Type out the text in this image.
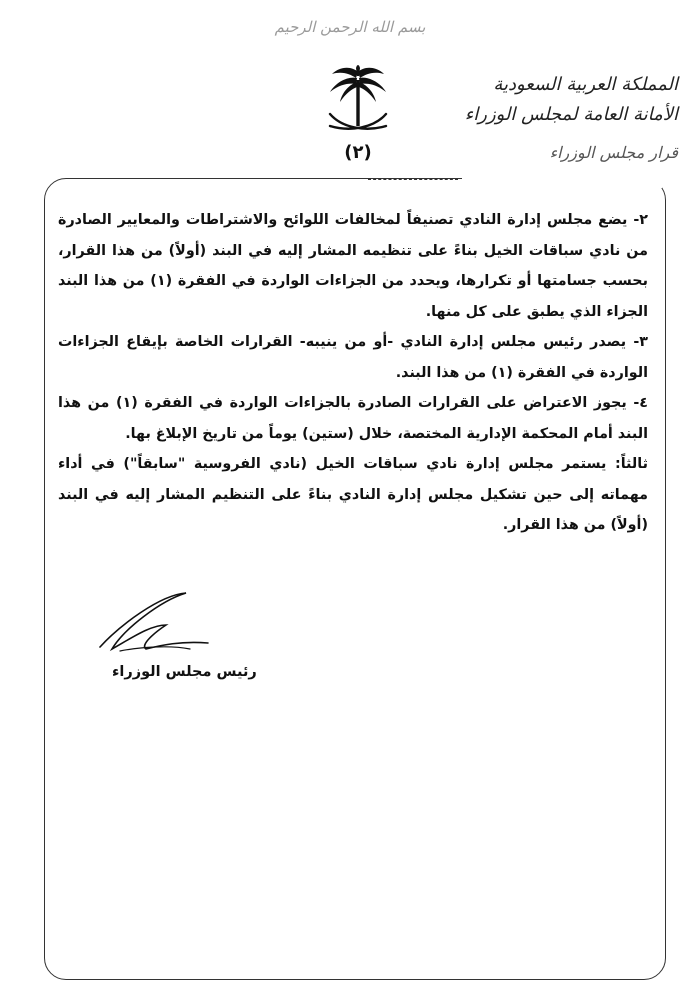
بسم الله الرحمن الرحيم
(٢)
المملكة العربية السعودية
الأمانة العامة لمجلس الوزراء
قرار مجلس الوزراء

٢- يضع مجلس إدارة النادي تصنيفاً لمخالفات اللوائح والاشتراطات والمعايير الصادرة من نادي سباقات الخيل بناءً على تنظيمه المشار إليه في البند (أولاً) من هذا القرار، بحسب جسامتها أو تكرارها، ويحدد من الجزاءات الواردة في الفقرة (١) من هذا البند الجزاء الذي يطبق على كل منها.

٣- يصدر رئيس مجلس إدارة النادي -أو من ينيبه- القرارات الخاصة بإيقاع الجزاءات الواردة في الفقرة (١) من هذا البند.

٤- يجوز الاعتراض على القرارات الصادرة بالجزاءات الواردة في الفقرة (١) من هذا البند أمام المحكمة الإدارية المختصة، خلال (ستين) يوماً من تاريخ الإبلاغ بها.

ثالثاً: يستمر مجلس إدارة نادي سباقات الخيل (نادي الفروسية "سابقاً") في أداء مهماته إلى حين تشكيل مجلس إدارة النادي بناءً على التنظيم المشار إليه في البند (أولاً) من هذا القرار.

رئيس مجلس الوزراء
